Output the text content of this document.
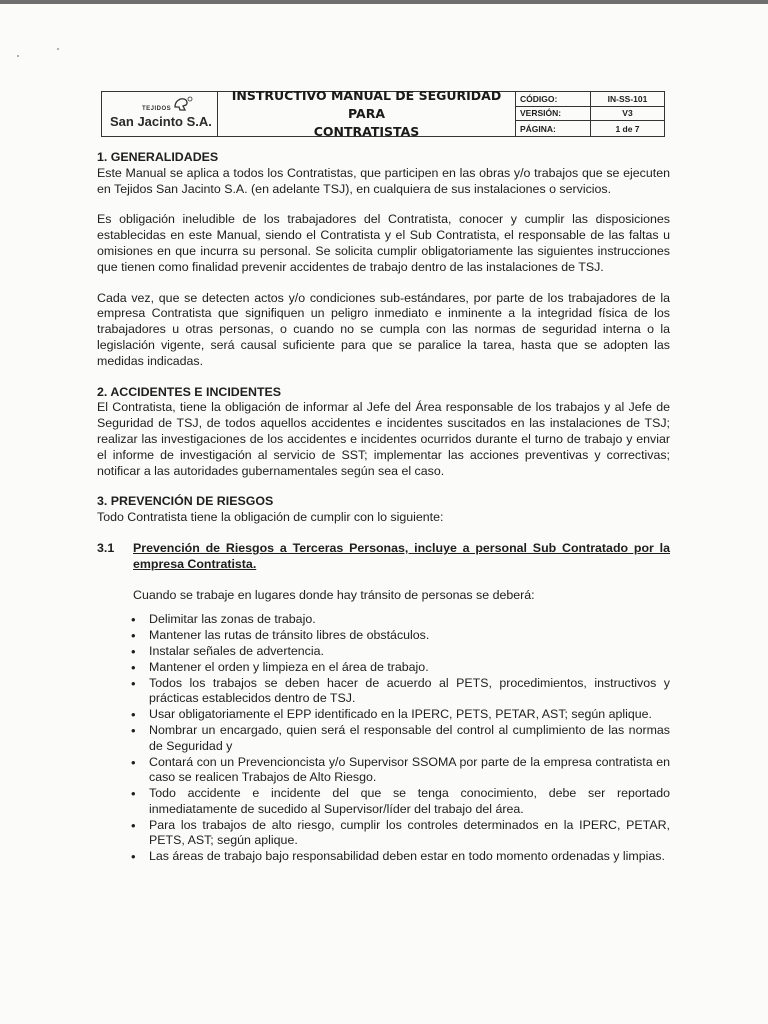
TEJIDOS
San Jacinto S.A.
INSTRUCTIVO MANUAL DE SEGURIDAD PARA
CONTRATISTAS
CÓDIGO:	IN-SS-101
VERSIÓN:	V3
PÁGINA:	1 de 7

1. GENERALIDADES

Este Manual se aplica a todos los Contratistas, que participen en las obras y/o trabajos que se ejecuten en Tejidos San Jacinto S.A. (en adelante TSJ), en cualquiera de sus instalaciones o servicios.

Es obligación ineludible de los trabajadores del Contratista, conocer y cumplir las disposiciones establecidas en este Manual, siendo el Contratista y el Sub Contratista, el responsable de las faltas u omisiones en que incurra su personal. Se solicita cumplir obligatoriamente las siguientes instrucciones que tienen como finalidad prevenir accidentes de trabajo dentro de las instalaciones de TSJ.

Cada vez, que se detecten actos y/o condiciones sub-estándares, por parte de los trabajadores de la empresa Contratista que signifiquen un peligro inmediato e inminente a la integridad física de los trabajadores u otras personas, o cuando no se cumpla con las normas de seguridad interna o la legislación vigente, será causal suficiente para que se paralice la tarea, hasta que se adopten las medidas indicadas.

2. ACCIDENTES E INCIDENTES

El Contratista, tiene la obligación de informar al Jefe del Área responsable de los trabajos y al Jefe de Seguridad de TSJ, de todos aquellos accidentes e incidentes suscitados en las instalaciones de TSJ; realizar las investigaciones de los accidentes e incidentes ocurridos durante el turno de trabajo y enviar el informe de investigación al servicio de SST; implementar las acciones preventivas y correctivas; notificar a las autoridades gubernamentales según sea el caso.

3. PREVENCIÓN DE RIESGOS

Todo Contratista tiene la obligación de cumplir con lo siguiente:

3.1	Prevención de Riesgos a Terceras Personas, incluye a personal Sub Contratado por la empresa Contratista.

Cuando se trabaje en lugares donde hay tránsito de personas se deberá:

• Delimitar las zonas de trabajo.
• Mantener las rutas de tránsito libres de obstáculos.
• Instalar señales de advertencia.
• Mantener el orden y limpieza en el área de trabajo.
• Todos los trabajos se deben hacer de acuerdo al PETS, procedimientos, instructivos y prácticas establecidos dentro de TSJ.
• Usar obligatoriamente el EPP identificado en la IPERC, PETS, PETAR, AST; según aplique.
• Nombrar un encargado, quien será el responsable del control al cumplimiento de las normas de Seguridad y
• Contará con un Prevencioncista y/o Supervisor SSOMA por parte de la empresa contratista en caso se realicen Trabajos de Alto Riesgo.
• Todo accidente e incidente del que se tenga conocimiento, debe ser reportado inmediatamente de sucedido al Supervisor/líder del trabajo del área.
• Para los trabajos de alto riesgo, cumplir los controles determinados en la IPERC, PETAR, PETS, AST; según aplique.
• Las áreas de trabajo bajo responsabilidad deben estar en todo momento ordenadas y limpias.
